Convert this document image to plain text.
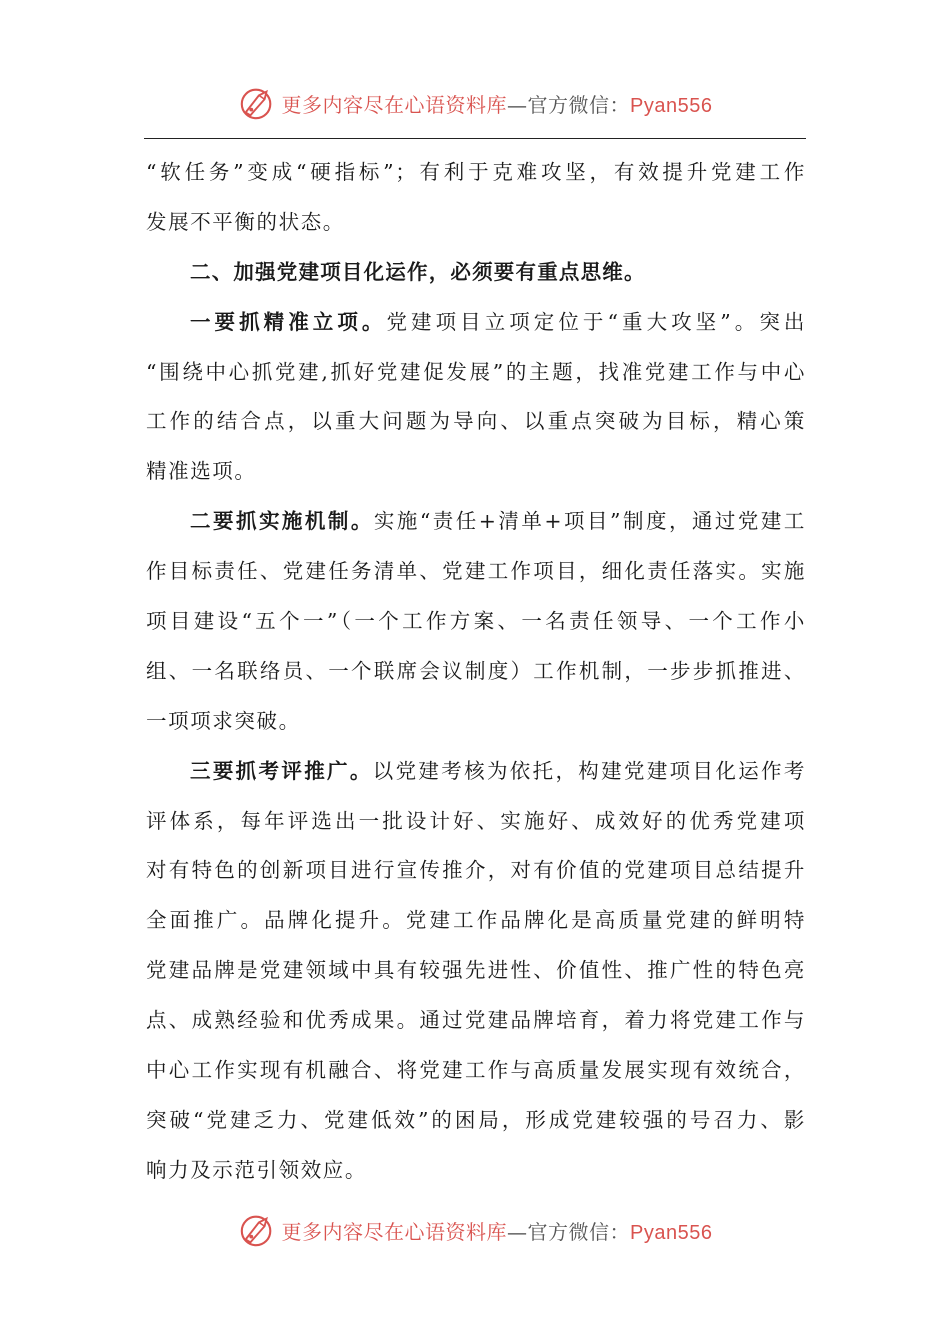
更多内容尽在心语资料库—官方微信：Pyan556
“软任务”变成“硬指标”；有利于克难攻坚，有效提升党建工作
发展不平衡的状态。
二、加强党建项目化运作，必须要有重点思维。
一要抓精准立项。党建项目立项定位于“重大攻坚”。突出
“围绕中心抓党建,抓好党建促发展”的主题，找准党建工作与中心
工作的结合点，以重大问题为导向、以重点突破为目标，精心策
精准选项。
二要抓实施机制。实施“责任+清单+项目”制度，通过党建工
作目标责任、党建任务清单、党建工作项目，细化责任落实。实施
项目建设“五个一”（一个工作方案、一名责任领导、一个工作小
组、一名联络员、一个联席会议制度）工作机制，一步步抓推进、
一项项求突破。
三要抓考评推广。以党建考核为依托，构建党建项目化运作考
评体系，每年评选出一批设计好、实施好、成效好的优秀党建项
对有特色的创新项目进行宣传推介，对有价值的党建项目总结提升
全面推广。品牌化提升。党建工作品牌化是高质量党建的鲜明特
党建品牌是党建领域中具有较强先进性、价值性、推广性的特色亮
点、成熟经验和优秀成果。通过党建品牌培育，着力将党建工作与
中心工作实现有机融合、将党建工作与高质量发展实现有效统合，
突破“党建乏力、党建低效”的困局，形成党建较强的号召力、影
响力及示范引领效应。
更多内容尽在心语资料库—官方微信：Pyan556
